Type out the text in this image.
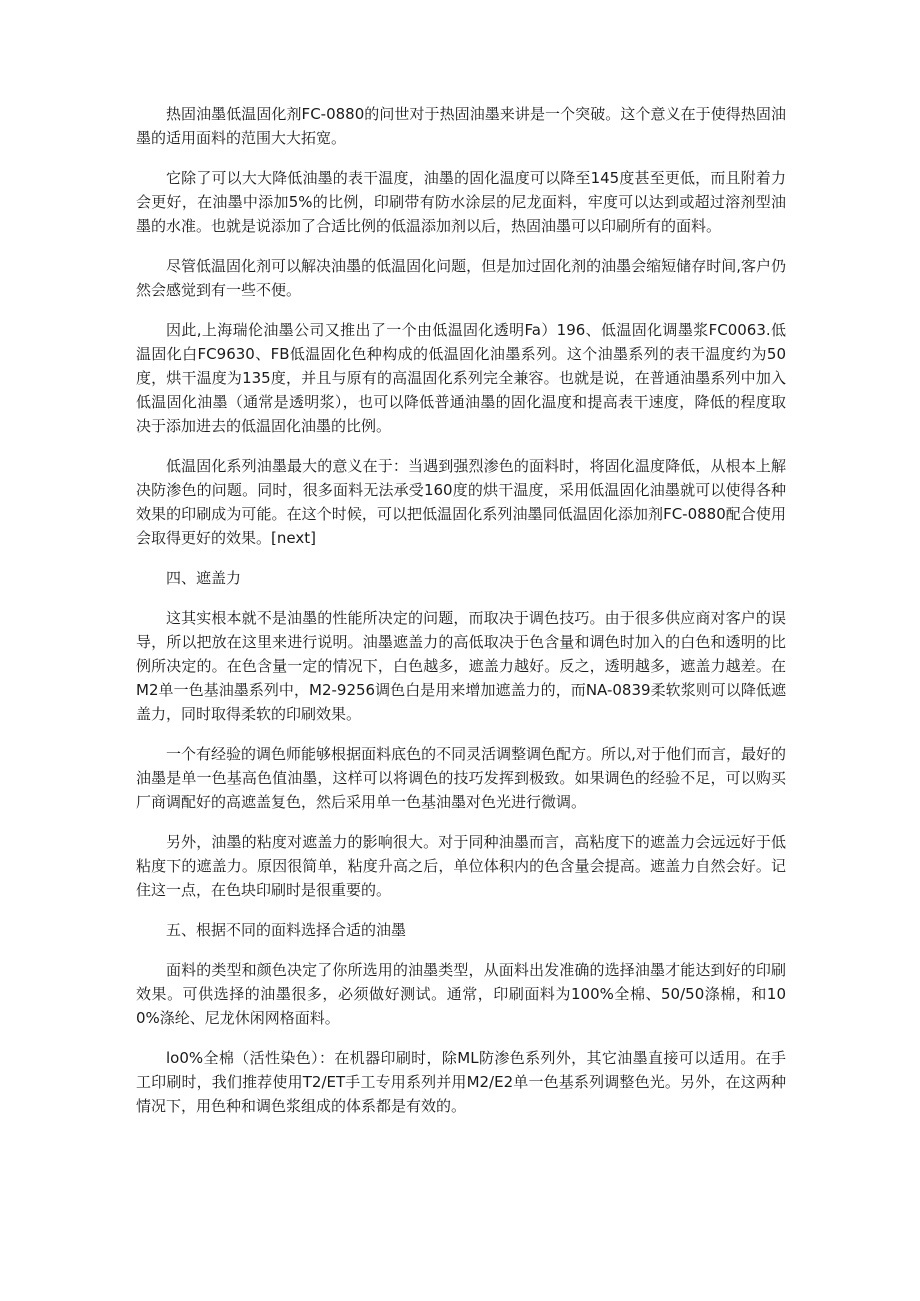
热固油墨低温固化剂FC-0880的问世对于热固油墨来讲是一个突破。这个意义在于使得热固油墨的适用面料的范围大大拓宽。

它除了可以大大降低油墨的表干温度，油墨的固化温度可以降至145度甚至更低，而且附着力会更好，在油墨中添加5%的比例，印刷带有防水涂层的尼龙面料，牢度可以达到或超过溶剂型油墨的水准。也就是说添加了合适比例的低温添加剂以后，热固油墨可以印刷所有的面料。

尽管低温固化剂可以解决油墨的低温固化问题，但是加过固化剂的油墨会缩短储存时间,客户仍然会感觉到有一些不便。

因此,上海瑞伦油墨公司又推出了一个由低温固化透明Fa）196、低温固化调墨浆FC0063.低温固化白FC9630、FB低温固化色种构成的低温固化油墨系列。这个油墨系列的表干温度约为50度，烘干温度为135度，并且与原有的高温固化系列完全兼容。也就是说，在普通油墨系列中加入低温固化油墨（通常是透明浆），也可以降低普通油墨的固化温度和提高表干速度，降低的程度取决于添加进去的低温固化油墨的比例。

低温固化系列油墨最大的意义在于：当遇到强烈渗色的面料时，将固化温度降低，从根本上解决防渗色的问题。同时，很多面料无法承受160度的烘干温度，采用低温固化油墨就可以使得各种效果的印刷成为可能。在这个时候，可以把低温固化系列油墨同低温固化添加剂FC-0880配合使用会取得更好的效果。[next]

四、遮盖力

这其实根本就不是油墨的性能所决定的问题，而取决于调色技巧。由于很多供应商对客户的误导，所以把放在这里来进行说明。油墨遮盖力的高低取决于色含量和调色时加入的白色和透明的比例所决定的。在色含量一定的情况下，白色越多，遮盖力越好。反之，透明越多，遮盖力越差。在M2单一色基油墨系列中，M2-9256调色白是用来增加遮盖力的，而NA-0839柔软浆则可以降低遮盖力，同时取得柔软的印刷效果。

一个有经验的调色师能够根据面料底色的不同灵活调整调色配方。所以,对于他们而言，最好的油墨是单一色基高色值油墨，这样可以将调色的技巧发挥到极致。如果调色的经验不足，可以购买厂商调配好的高遮盖复色，然后采用单一色基油墨对色光进行微调。

另外，油墨的粘度对遮盖力的影响很大。对于同种油墨而言，高粘度下的遮盖力会远远好于低粘度下的遮盖力。原因很简单，粘度升高之后，单位体积内的色含量会提高。遮盖力自然会好。记住这一点，在色块印刷时是很重要的。

五、根据不同的面料选择合适的油墨

面料的类型和颜色决定了你所选用的油墨类型，从面料出发准确的选择油墨才能达到好的印刷效果。可供选择的油墨很多，必须做好测试。通常，印刷面料为100%全棉、50/50涤棉，和100%涤纶、尼龙休闲网格面料。

lo0%全棉（活性染色）：在机器印刷时，除ML防渗色系列外，其它油墨直接可以适用。在手工印刷时，我们推荐使用T2/ET手工专用系列并用M2/E2单一色基系列调整色光。另外，在这两种情况下，用色种和调色浆组成的体系都是有效的。
